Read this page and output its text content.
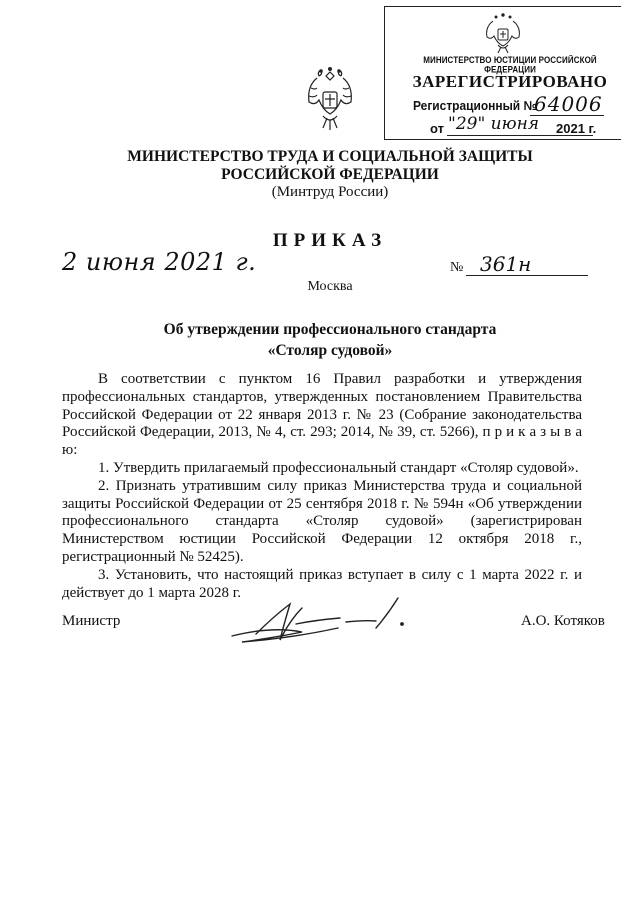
МИНИСТЕРСТВО ЮСТИЦИИ РОССИЙСКОЙ ФЕДЕРАЦИИ
ЗАРЕГИСТРИРОВАНО
Регистрационный №
64006
от "29" июня 2021 г.
МИНИСТЕРСТВО ТРУДА И СОЦИАЛЬНОЙ ЗАЩИТЫ
РОССИЙСКОЙ ФЕДЕРАЦИИ
(Минтруд России)
ПРИКАЗ
2 июня 2021 г.	№ 361н
Москва
Об утверждении профессионального стандарта
«Столяр судовой»

В соответствии с пунктом 16 Правил разработки и утверждения профессиональных стандартов, утвержденных постановлением Правительства Российской Федерации от 22 января 2013 г. № 23 (Собрание законодательства Российской Федерации, 2013, № 4, ст. 293; 2014, № 39, ст. 5266), п р и к а з ы в а ю:

1. Утвердить прилагаемый профессиональный стандарт «Столяр судовой».

2. Признать утратившим силу приказ Министерства труда и социальной защиты Российской Федерации от 25 сентября 2018 г. № 594н «Об утверждении профессионального стандарта «Столяр судовой» (зарегистрирован Министерством юстиции Российской Федерации 12 октября 2018 г., регистрационный № 52425).

3. Установить, что настоящий приказ вступает в силу с 1 марта 2022 г. и действует до 1 марта 2028 г.

Министр	А.О. Котяков
